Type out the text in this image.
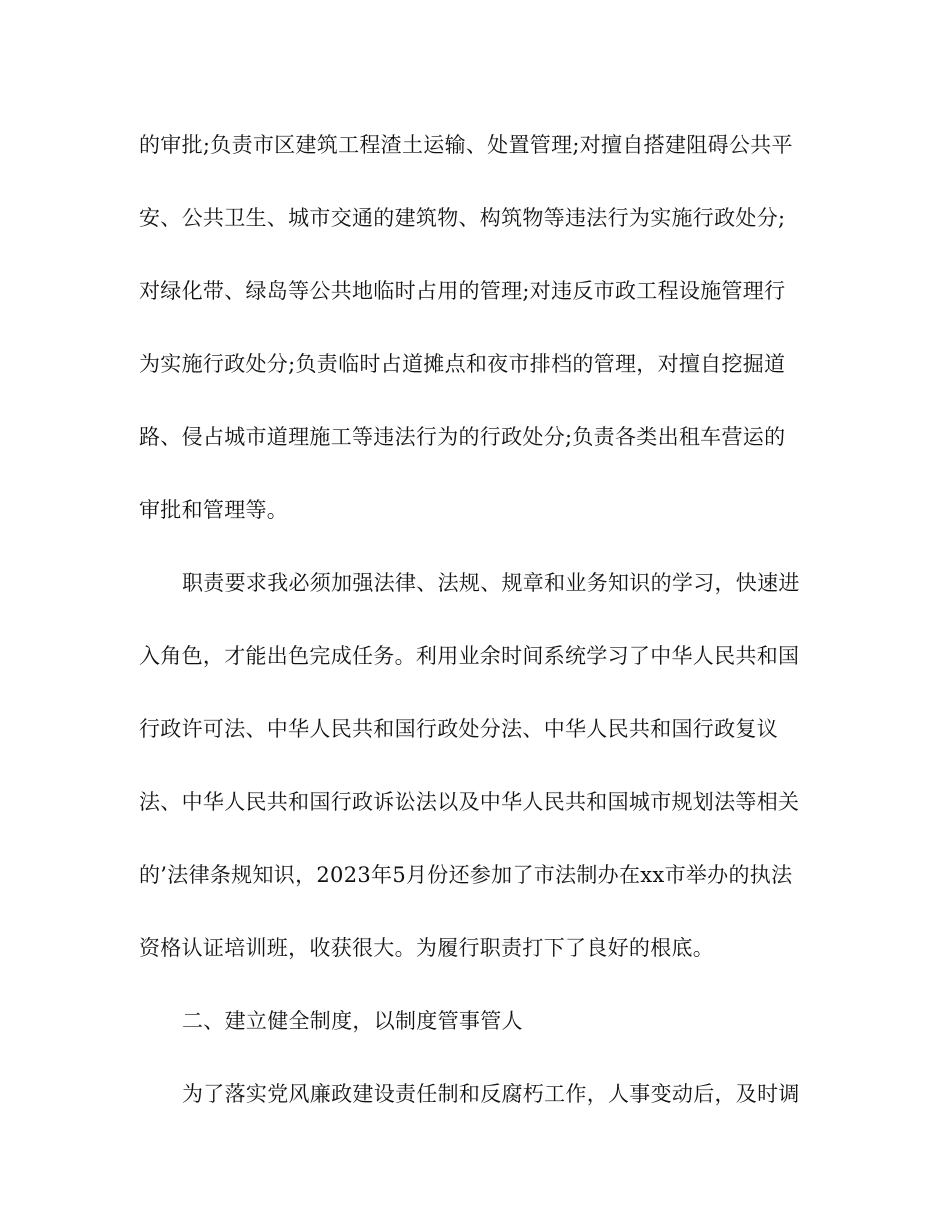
的审批;负责市区建筑工程渣土运输、处置管理;对擅自搭建阻碍公共平
安、公共卫生、城市交通的建筑物、构筑物等违法行为实施行政处分;
对绿化带、绿岛等公共地临时占用的管理;对违反市政工程设施管理行
为实施行政处分;负责临时占道摊点和夜市排档的管理，对擅自挖掘道
路、侵占城市道理施工等违法行为的行政处分;负责各类出租车营运的
审批和管理等。
职责要求我必须加强法律、法规、规章和业务知识的学习，快速进
入角色，才能出色完成任务。利用业余时间系统学习了中华人民共和国
行政许可法、中华人民共和国行政处分法、中华人民共和国行政复议
法、中华人民共和国行政诉讼法以及中华人民共和国城市规划法等相关
的’法律条规知识，2023年5月份还参加了市法制办在xx市举办的执法
资格认证培训班，收获很大。为履行职责打下了良好的根底。
二、建立健全制度，以制度管事管人
为了落实党风廉政建设责任制和反腐朽工作，人事变动后，及时调
